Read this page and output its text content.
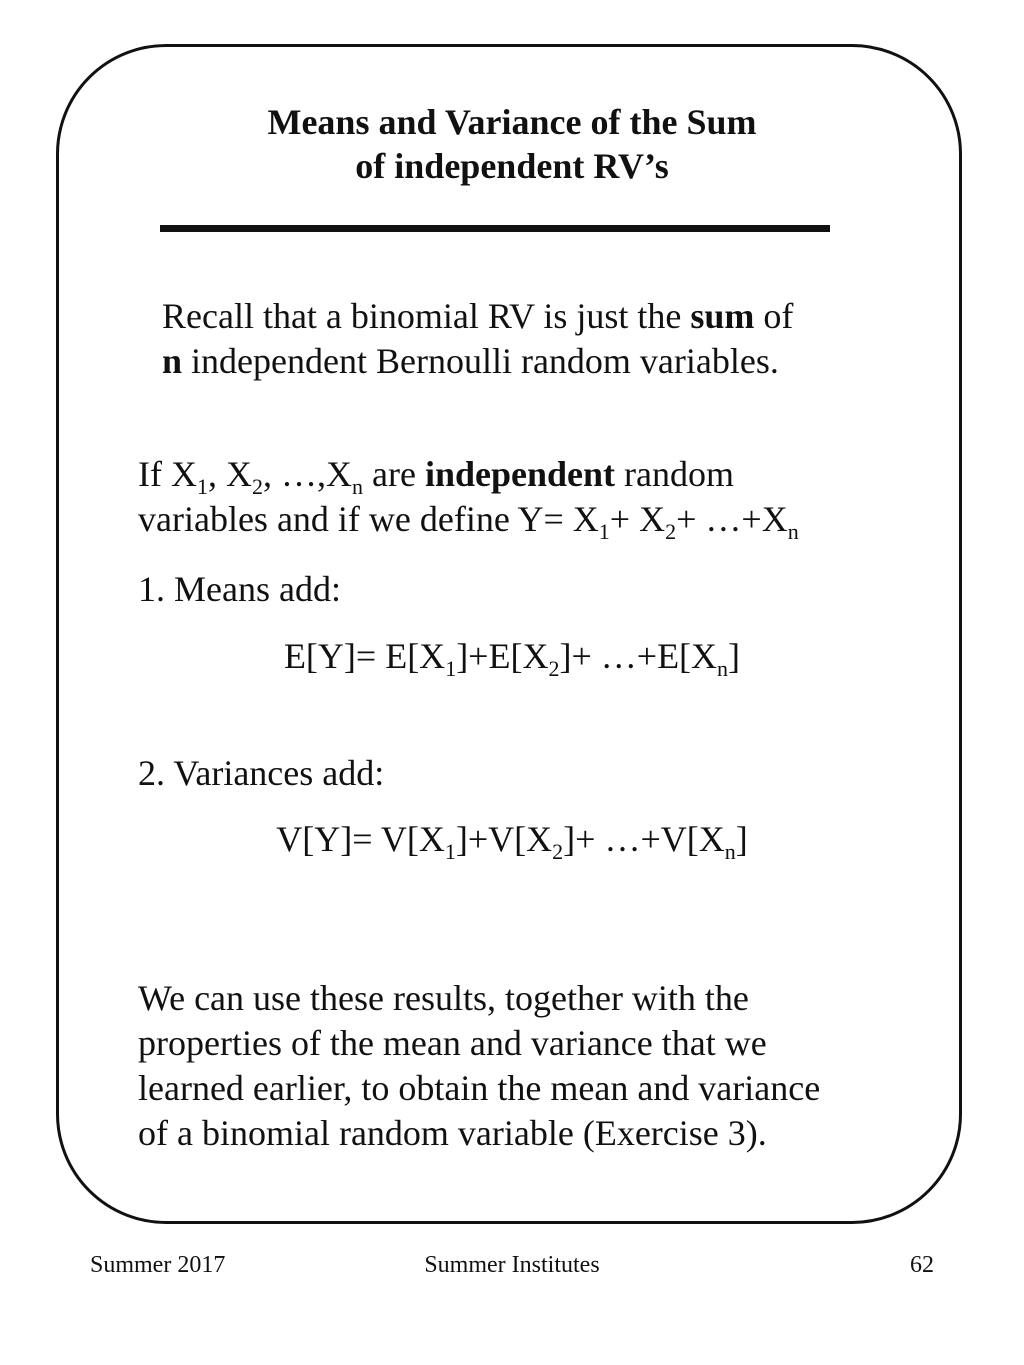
Means and Variance of the Sum
of independent RV’s
Recall that a binomial RV is just the sum of
n independent Bernoulli random variables.
If $X_1$, $X_2$, $\dots,X_n$ are independent random
variables and if we define $Y= X_1+ X_2+$ $\dots+X_n$
1. Means add:
$E[Y]= E[X_1]+E[X_2]+$ $\dots+E[X_n]$
2. Variances add:
$V[Y]= V[X_1]+V[X_2]+$ $\dots+V[X_n]$
We can use these results, together with the
properties of the mean and variance that we
learned earlier, to obtain the mean and variance
of a binomial random variable (Exercise 3).
Summer 2017	Summer Institutes	62
